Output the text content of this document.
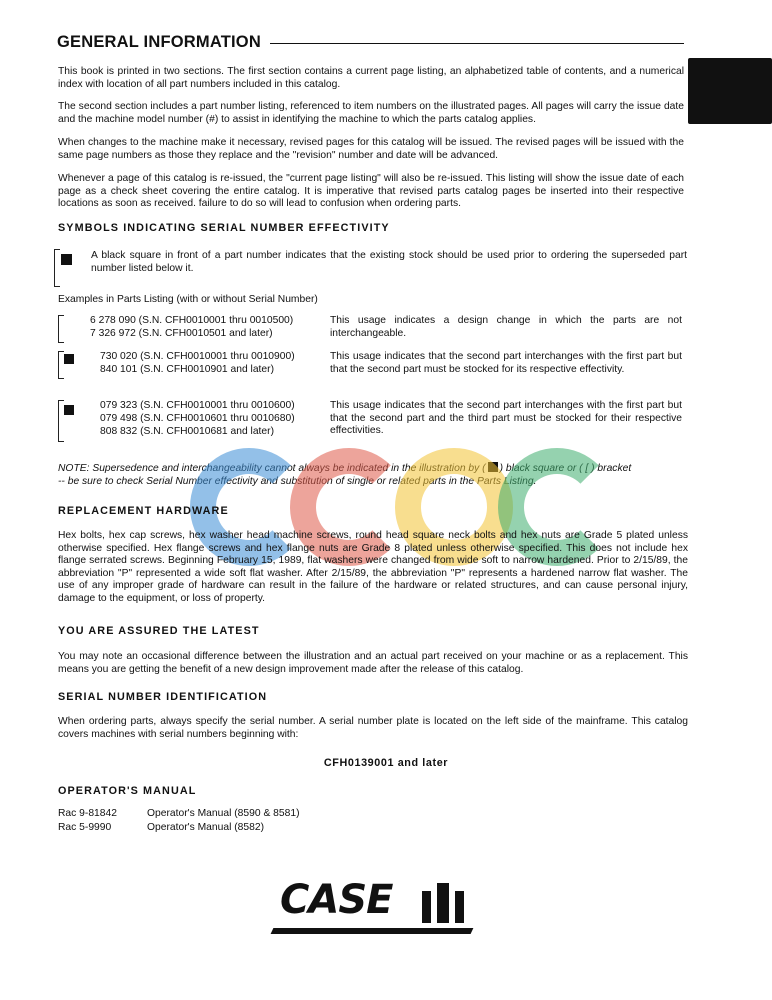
GENERAL INFORMATION
1

This book is printed in two sections. The first section contains a current page listing, an alphabetized table of contents, and a numerical index with location of all part numbers included in this catalog.

The second section includes a part number listing, referenced to item numbers on the illustrated pages. All pages will carry the issue date and the machine model number (#) to assist in identifying the machine to which the parts catalog applies.

When changes to the machine make it necessary, revised pages for this catalog will be issued. The revised pages will be issued with the same page numbers as those they replace and the "revision" number and date will be advanced.

Whenever a page of this catalog is re-issued, the "current page listing" will also be re-issued. This listing will show the issue date of each page as a check sheet covering the entire catalog. It is imperative that revised parts catalog pages be inserted into their respective locations as soon as received. failure to do so will lead to confusion when ordering parts.

SYMBOLS INDICATING SERIAL NUMBER EFFECTIVITY

A black square in front of a part number indicates that the existing stock should be used prior to ordering the superseded part number listed below it.

Examples in Parts Listing (with or without Serial Number)
6 278 090 (S.N. CFH0010001 thru 0010500)
7 326 972 (S.N. CFH0010501 and later)

This usage indicates a design change in which the parts are not interchangeable.

730 020 (S.N. CFH0010001 thru 0010900)
840 101 (S.N. CFH0010901 and later)

This usage indicates that the second part interchanges with the first part but that the second part must be stocked for its respective effectivity.

079 323 (S.N. CFH0010001 thru 0010600)
079 498 (S.N. CFH0010601 thru 0010680)
808 832 (S.N. CFH0010681 and later)

This usage indicates that the second part interchanges with the first part but that the second part and the third part must be stocked for their respective effectivities.

NOTE: Supersedence and interchangeability cannot always be indicated in the illustration by ( ) black square or ( [ ) bracket
-- be sure to check Serial Number effectivity and substitution of single or related parts in the Parts Listing.
REPLACEMENT HARDWARE

Hex bolts, hex cap screws, hex washer head machine screws, round head square neck bolts and hex nuts are Grade 5 plated unless otherwise specified. Hex flange screws and hex flange nuts are Grade 8 plated unless otherwise specified. This does not include hex flange serrated screws. Beginning February 15, 1989, flat washers were changed from wide soft to narrow hardened. Prior to 2/15/89, the abbreviation "P" represented a wide soft flat washer. After 2/15/89, the abbreviation "P" represents a hardened narrow flat washer. The use of any improper grade of hardware can result in the failure of the hardware or related structures, and can cause personal injury, damage to the equipment, or loss of property.

YOU ARE ASSURED THE LATEST

You may note an occasional difference between the illustration and an actual part received on your machine or as a replacement. This means you are getting the benefit of a new design improvement made after the release of this catalog.

SERIAL NUMBER IDENTIFICATION

When ordering parts, always specify the serial number. A serial number plate is located on the left side of the mainframe. This catalog covers machines with serial numbers beginning with:

CFH0139001 and later
OPERATOR'S MANUAL
Rac 9-81842	Operator's Manual (8590 & 8581)
Rac 5-9990	Operator's Manual (8582)
CASE
